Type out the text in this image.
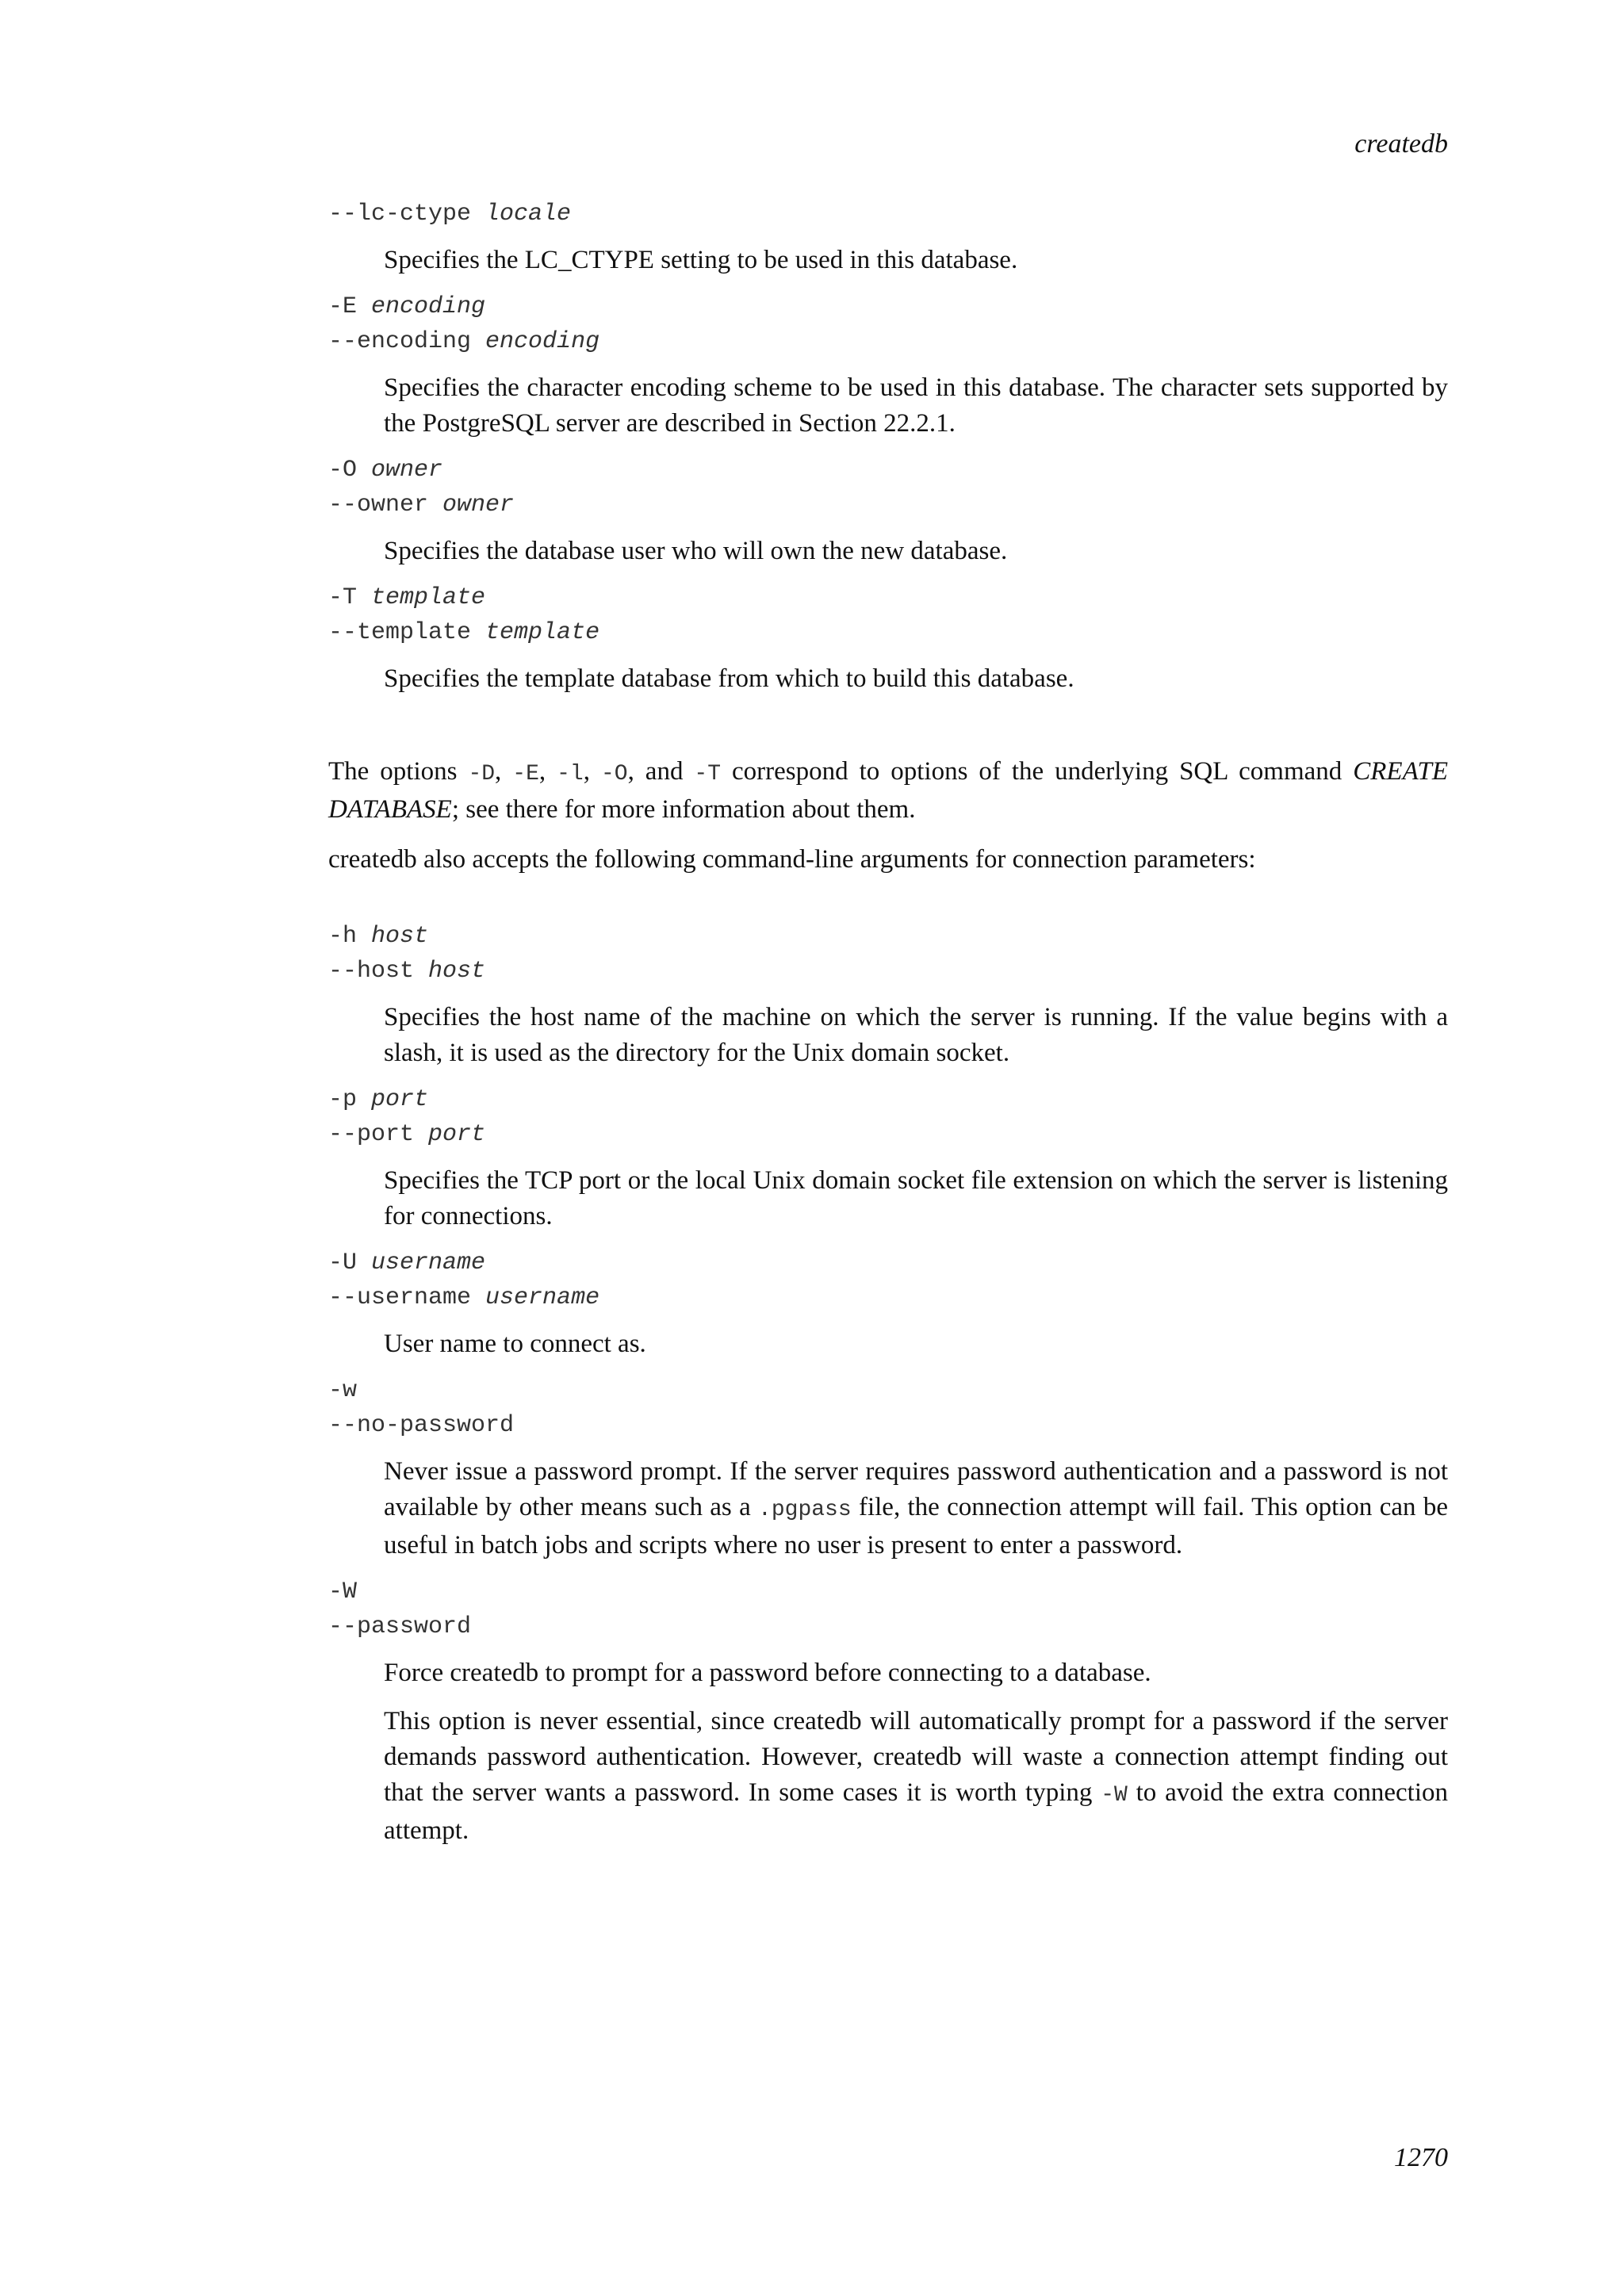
createdb
--lc-ctype locale

Specifies the LC_CTYPE setting to be used in this database.

-E encoding
--encoding encoding

Specifies the character encoding scheme to be used in this database. The character sets supported by the PostgreSQL server are described in Section 22.2.1.

-O owner
--owner owner

Specifies the database user who will own the new database.

-T template
--template template

Specifies the template database from which to build this database.

The options -D, -E, -l, -O, and -T correspond to options of the underlying SQL command CREATE DATABASE; see there for more information about them.

createdb also accepts the following command-line arguments for connection parameters:

-h host
--host host

Specifies the host name of the machine on which the server is running. If the value begins with a slash, it is used as the directory for the Unix domain socket.

-p port
--port port

Specifies the TCP port or the local Unix domain socket file extension on which the server is listening for connections.

-U username
--username username

User name to connect as.

-w
--no-password

Never issue a password prompt. If the server requires password authentication and a password is not available by other means such as a .pgpass file, the connection attempt will fail. This option can be useful in batch jobs and scripts where no user is present to enter a password.

-W
--password

Force createdb to prompt for a password before connecting to a database.

This option is never essential, since createdb will automatically prompt for a password if the server demands password authentication. However, createdb will waste a connection attempt finding out that the server wants a password. In some cases it is worth typing -W to avoid the extra connection attempt.

1270
